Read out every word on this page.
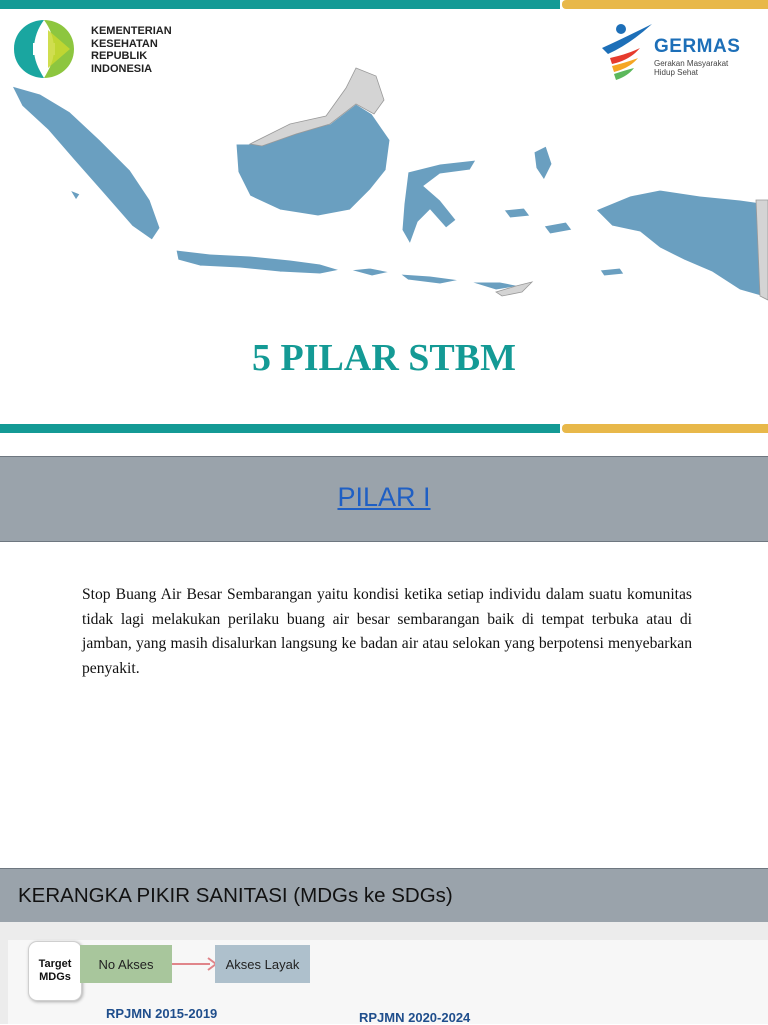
KEMENTERIAN
KESEHATAN
REPUBLIK
INDONESIA
GERMAS
Gerakan Masyarakat
Hidup Sehat
5 PILAR STBM
PILAR I
Stop Buang Air Besar Sembarangan yaitu kondisi ketika setiap individu dalam suatu komunitas tidak lagi melakukan perilaku buang air besar sembarangan baik di tempat terbuka atau di jamban, yang masih disalurkan langsung ke badan air atau selokan yang berpotensi menyebarkan penyakit.
KERANGKA PIKIR SANITASI (MDGs ke SDGs)
Target
MDGs
No Akses	Akses Layak
RPJMN 2015-2019	RPJMN 2020-2024
